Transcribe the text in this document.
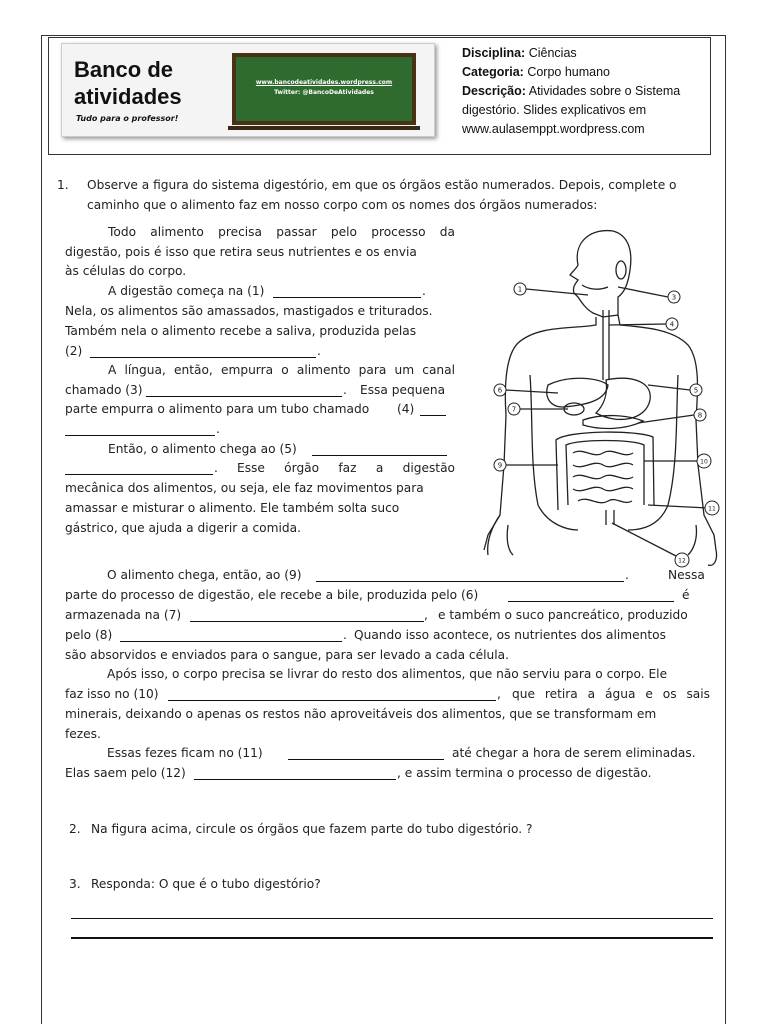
Banco de atividades
Tudo para o professor!
www.bancodeatividades.wordpress.com
Twitter: @BancoDeAtividades
Disciplina: Ciências
Categoria: Corpo humano
Descrição: Atividades sobre o Sistema
digestório. Slides explicativos em
www.aulasemppt.wordpress.com
1. Observe a figura do sistema digestório, em que os órgãos estão numerados. Depois, complete o
caminho que o alimento faz em nosso corpo com os nomes dos órgãos numerados:
Todo alimento precisa passar pelo processo da
digestão, pois é isso que retira seus nutrientes e os envia
às células do corpo.
A digestão começa na (1)	.
Nela, os alimentos são amassados, mastigados e triturados.
Também nela o alimento recebe a saliva, produzida pelas
(2)	.
A língua, então, empurra o alimento para um canal
chamado (3)	. Essa pequena
parte empurra o alimento para um tubo chamado (4)
.
Então, o alimento chega ao (5)
. Esse órgão faz a digestão
mecânica dos alimentos, ou seja, ele faz movimentos para
amassar e misturar o alimento. Ele também solta suco
gástrico, que ajuda a digerir a comida.
O alimento chega, então, ao (9)	.	Nessa
parte do processo de digestão, ele recebe a bile, produzida pelo (6)	é
armazenada na (7)	, e também o suco pancreático, produzido
pelo (8)	. Quando isso acontece, os nutrientes dos alimentos
são absorvidos e enviados para o sangue, para ser levado a cada célula.
Após isso, o corpo precisa se livrar do resto dos alimentos, que não serviu para o corpo. Ele
faz isso no (10)	, que retira a água e os sais
minerais, deixando o apenas os restos não aproveitáveis dos alimentos, que se transformam em
fezes.
Essas fezes ficam no (11)	até chegar a hora de serem eliminadas.
Elas saem pelo (12)	, e assim termina o processo de digestão.
2. Na figura acima, circule os órgãos que fazem parte do tubo digestório. ?
3. Responda: O que é o tubo digestório?
1
3
4
5
6
7
8
9	10
11
12
